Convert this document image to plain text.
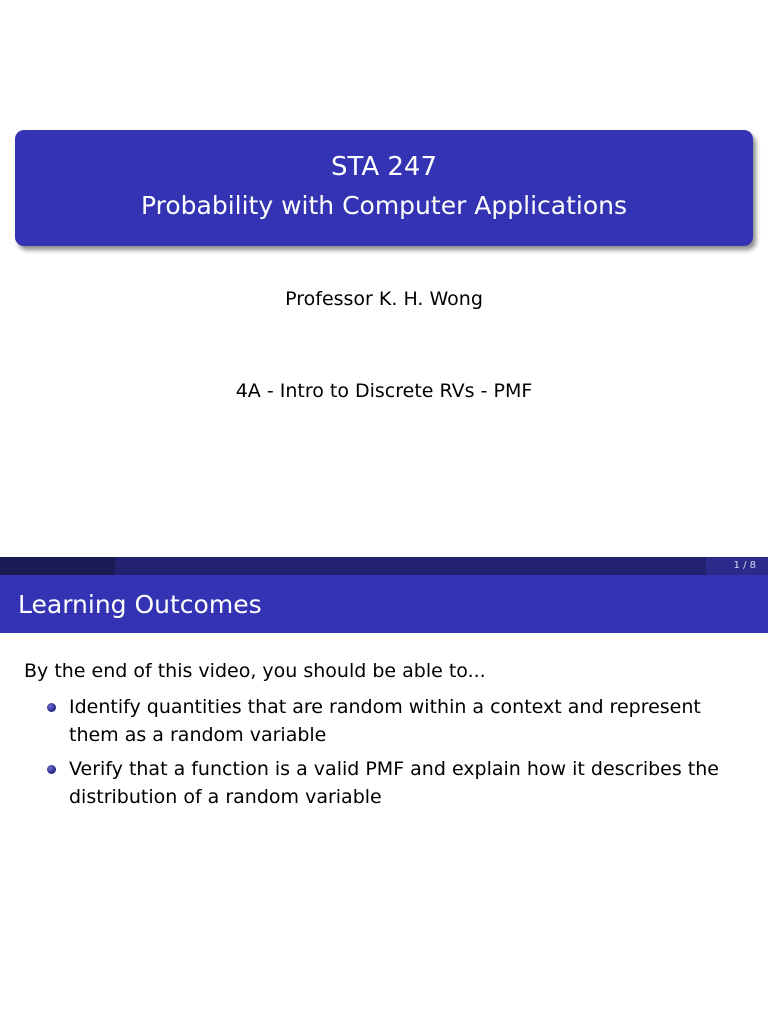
STA 247
Probability with Computer Applications
Professor K. H. Wong
4A - Intro to Discrete RVs - PMF
1 / 8
Learning Outcomes
By the end of this video, you should be able to...
Identify quantities that are random within a context and represent them as a random variable
Verify that a function is a valid PMF and explain how it describes the distribution of a random variable
